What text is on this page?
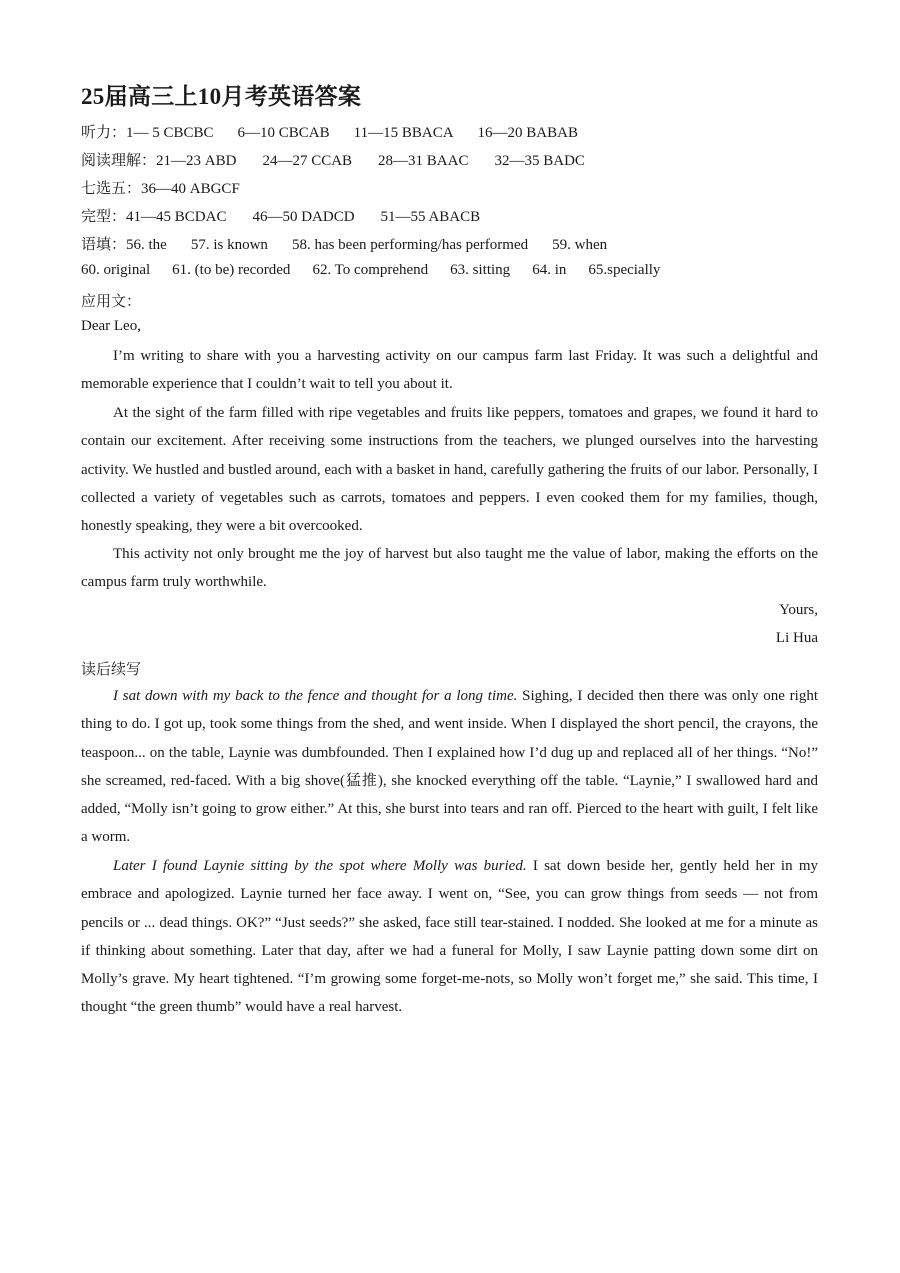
25届高三上10月考英语答案
听力：1— 5 CBCBC 6—10 CBCAB 11—15 BBACA 16—20 BABAB
阅读理解：21—23 ABD 24—27 CCAB 28—31 BAAC 32—35 BADC
七选五：36—40 ABGCF
完型：41—45 BCDAC 46—50 DADCD 51—55 ABACB
语填：56. the 57. is known 58. has been performing/has performed 59. when
60. original 61. (to be) recorded 62. To comprehend 63. sitting 64. in 65.specially
应用文：
Dear Leo,
I’m writing to share with you a harvesting activity on our campus farm last Friday. It was such a delightful and memorable experience that I couldn’t wait to tell you about it.
At the sight of the farm filled with ripe vegetables and fruits like peppers, tomatoes and grapes, we found it hard to contain our excitement. After receiving some instructions from the teachers, we plunged ourselves into the harvesting activity. We hustled and bustled around, each with a basket in hand, carefully gathering the fruits of our labor. Personally, I collected a variety of vegetables such as carrots, tomatoes and peppers. I even cooked them for my families, though, honestly speaking, they were a bit overcooked.
This activity not only brought me the joy of harvest but also taught me the value of labor, making the efforts on the campus farm truly worthwhile.
Yours,
Li Hua
读后续写
I sat down with my back to the fence and thought for a long time. Sighing, I decided then there was only one right thing to do. I got up, took some things from the shed, and went inside. When I displayed the short pencil, the crayons, the teaspoon... on the table, Laynie was dumbfounded. Then I explained how I’d dug up and replaced all of her things. “No!” she screamed, red-faced. With a big shove(猛推), she knocked everything off the table. “Laynie,” I swallowed hard and added, “Molly isn’t going to grow either.” At this, she burst into tears and ran off. Pierced to the heart with guilt, I felt like a worm.
Later I found Laynie sitting by the spot where Molly was buried. I sat down beside her, gently held her in my embrace and apologized. Laynie turned her face away. I went on, “See, you can grow things from seeds — not from pencils or ... dead things. OK?” “Just seeds?” she asked, face still tear-stained. I nodded. She looked at me for a minute as if thinking about something. Later that day, after we had a funeral for Molly, I saw Laynie patting down some dirt on Molly’s grave. My heart tightened. “I’m growing some forget-me-nots, so Molly won’t forget me,” she said. This time, I thought “the green thumb” would have a real harvest.
